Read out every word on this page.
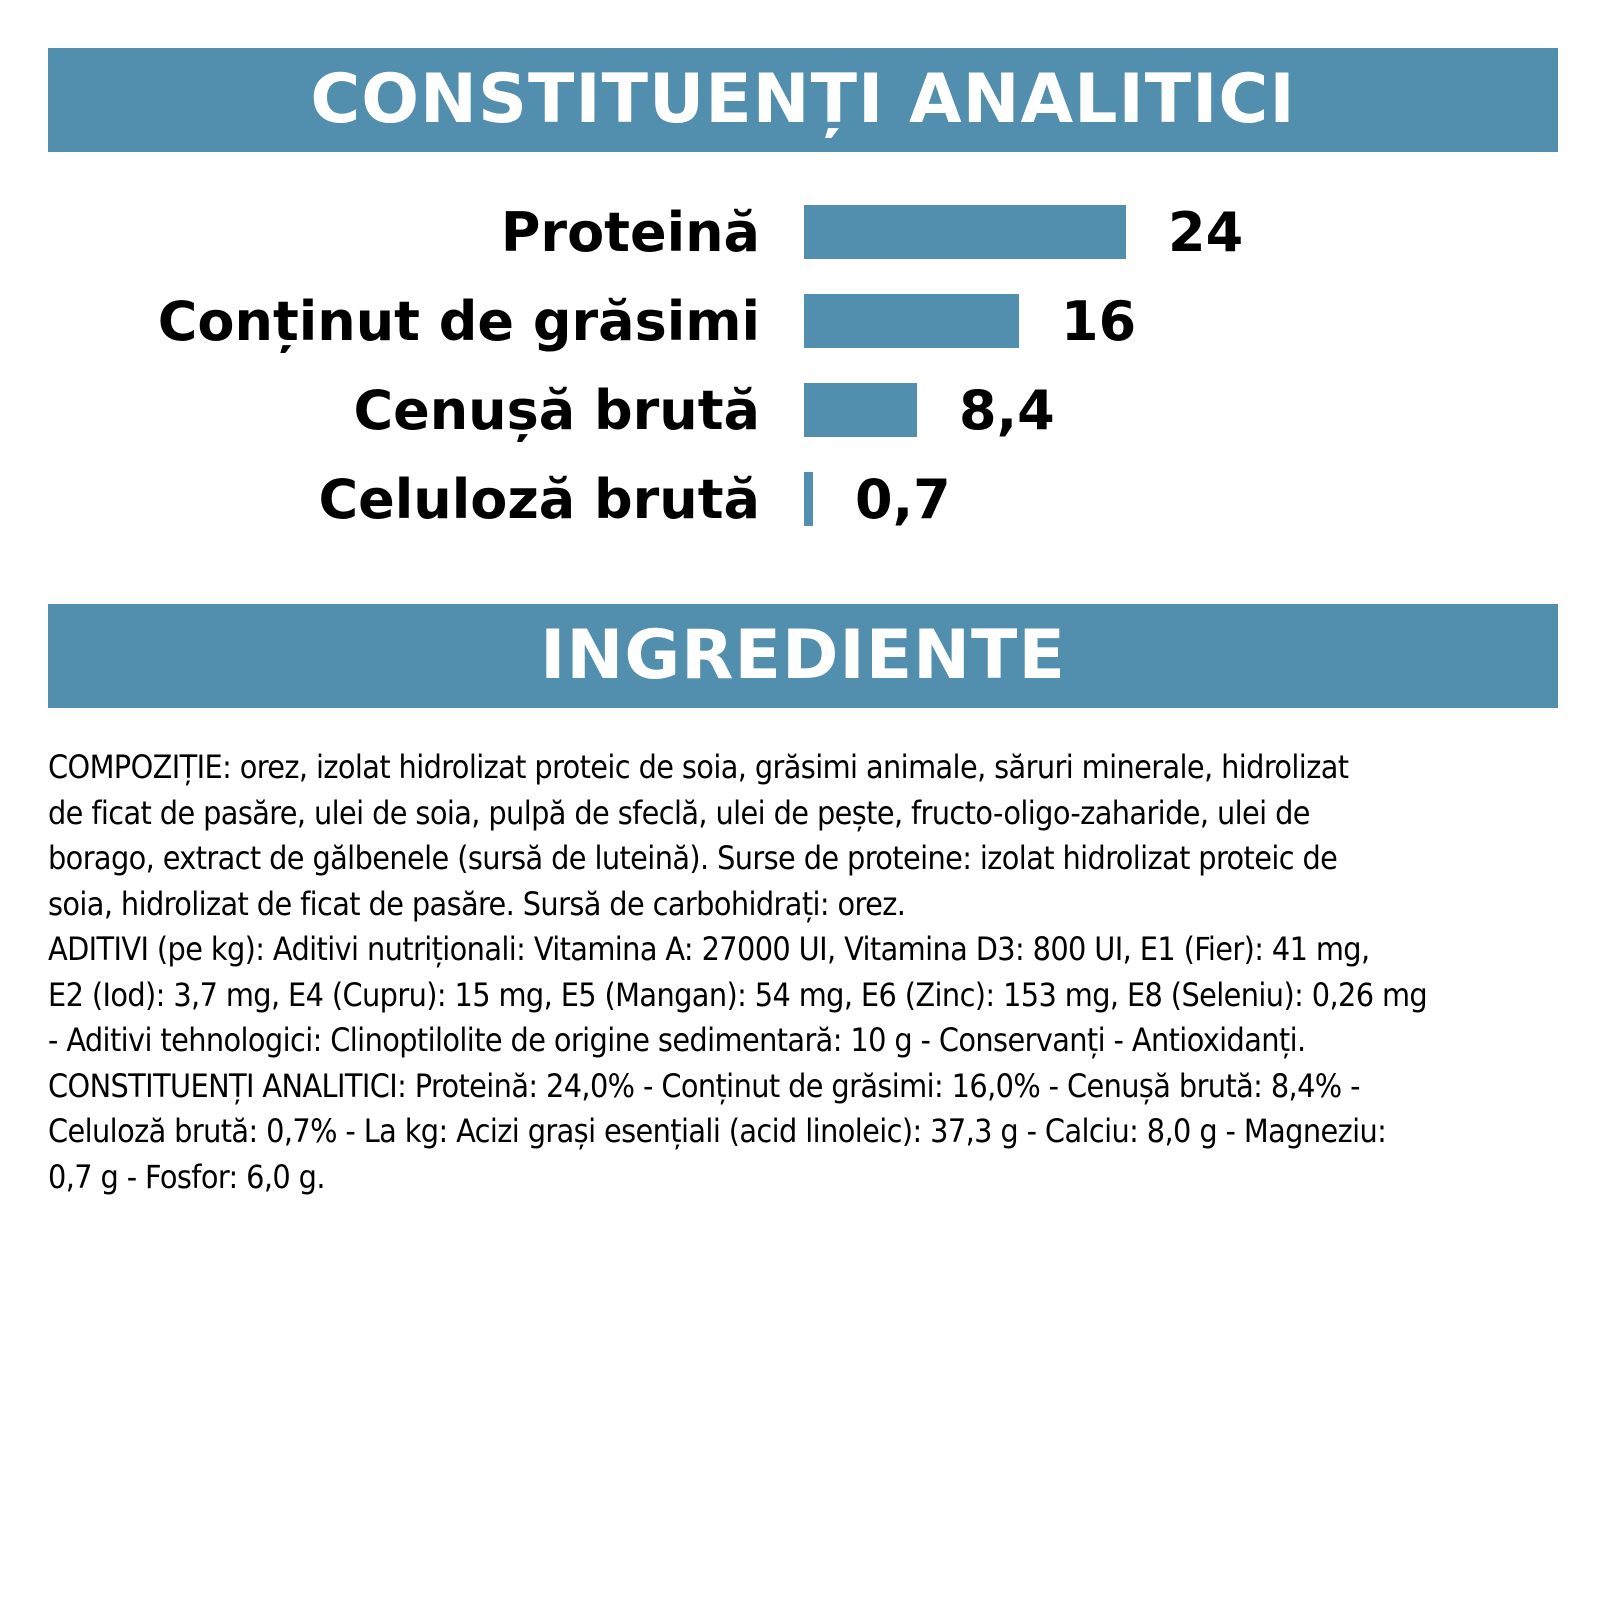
CONSTITUENȚI ANALITICI
Proteină	24
Conținut de grăsimi	16
Cenușă brută	8,4
Celuloză brută 0,7
INGREDIENTE

COMPOZIȚIE: orez, izolat hidrolizat proteic de soia, grăsimi animale, săruri minerale, hidrolizat

de ficat de pasăre, ulei de soia, pulpă de sfeclă, ulei de pește, fructo-oligo-zaharide, ulei de

borago, extract de gălbenele (sursă de luteină). Surse de proteine: izolat hidrolizat proteic de

soia, hidrolizat de ficat de pasăre. Sursă de carbohidrați: orez.

ADITIVI (pe kg): Aditivi nutriționali: Vitamina A: 27000 UI, Vitamina D3: 800 UI, E1 (Fier): 41 mg,

E2 (Iod): 3,7 mg, E4 (Cupru): 15 mg, E5 (Mangan): 54 mg, E6 (Zinc): 153 mg, E8 (Seleniu): 0,26 mg

- Aditivi tehnologici: Clinoptilolite de origine sedimentară: 10 g - Conservanți - Antioxidanți.

CONSTITUENȚI ANALITICI: Proteină: 24,0% - Conținut de grăsimi: 16,0% - Cenușă brută: 8,4% -

Celuloză brută: 0,7% - La kg: Acizi grași esențiali (acid linoleic): 37,3 g - Calciu: 8,0 g - Magneziu:

0,7 g - Fosfor: 6,0 g.
